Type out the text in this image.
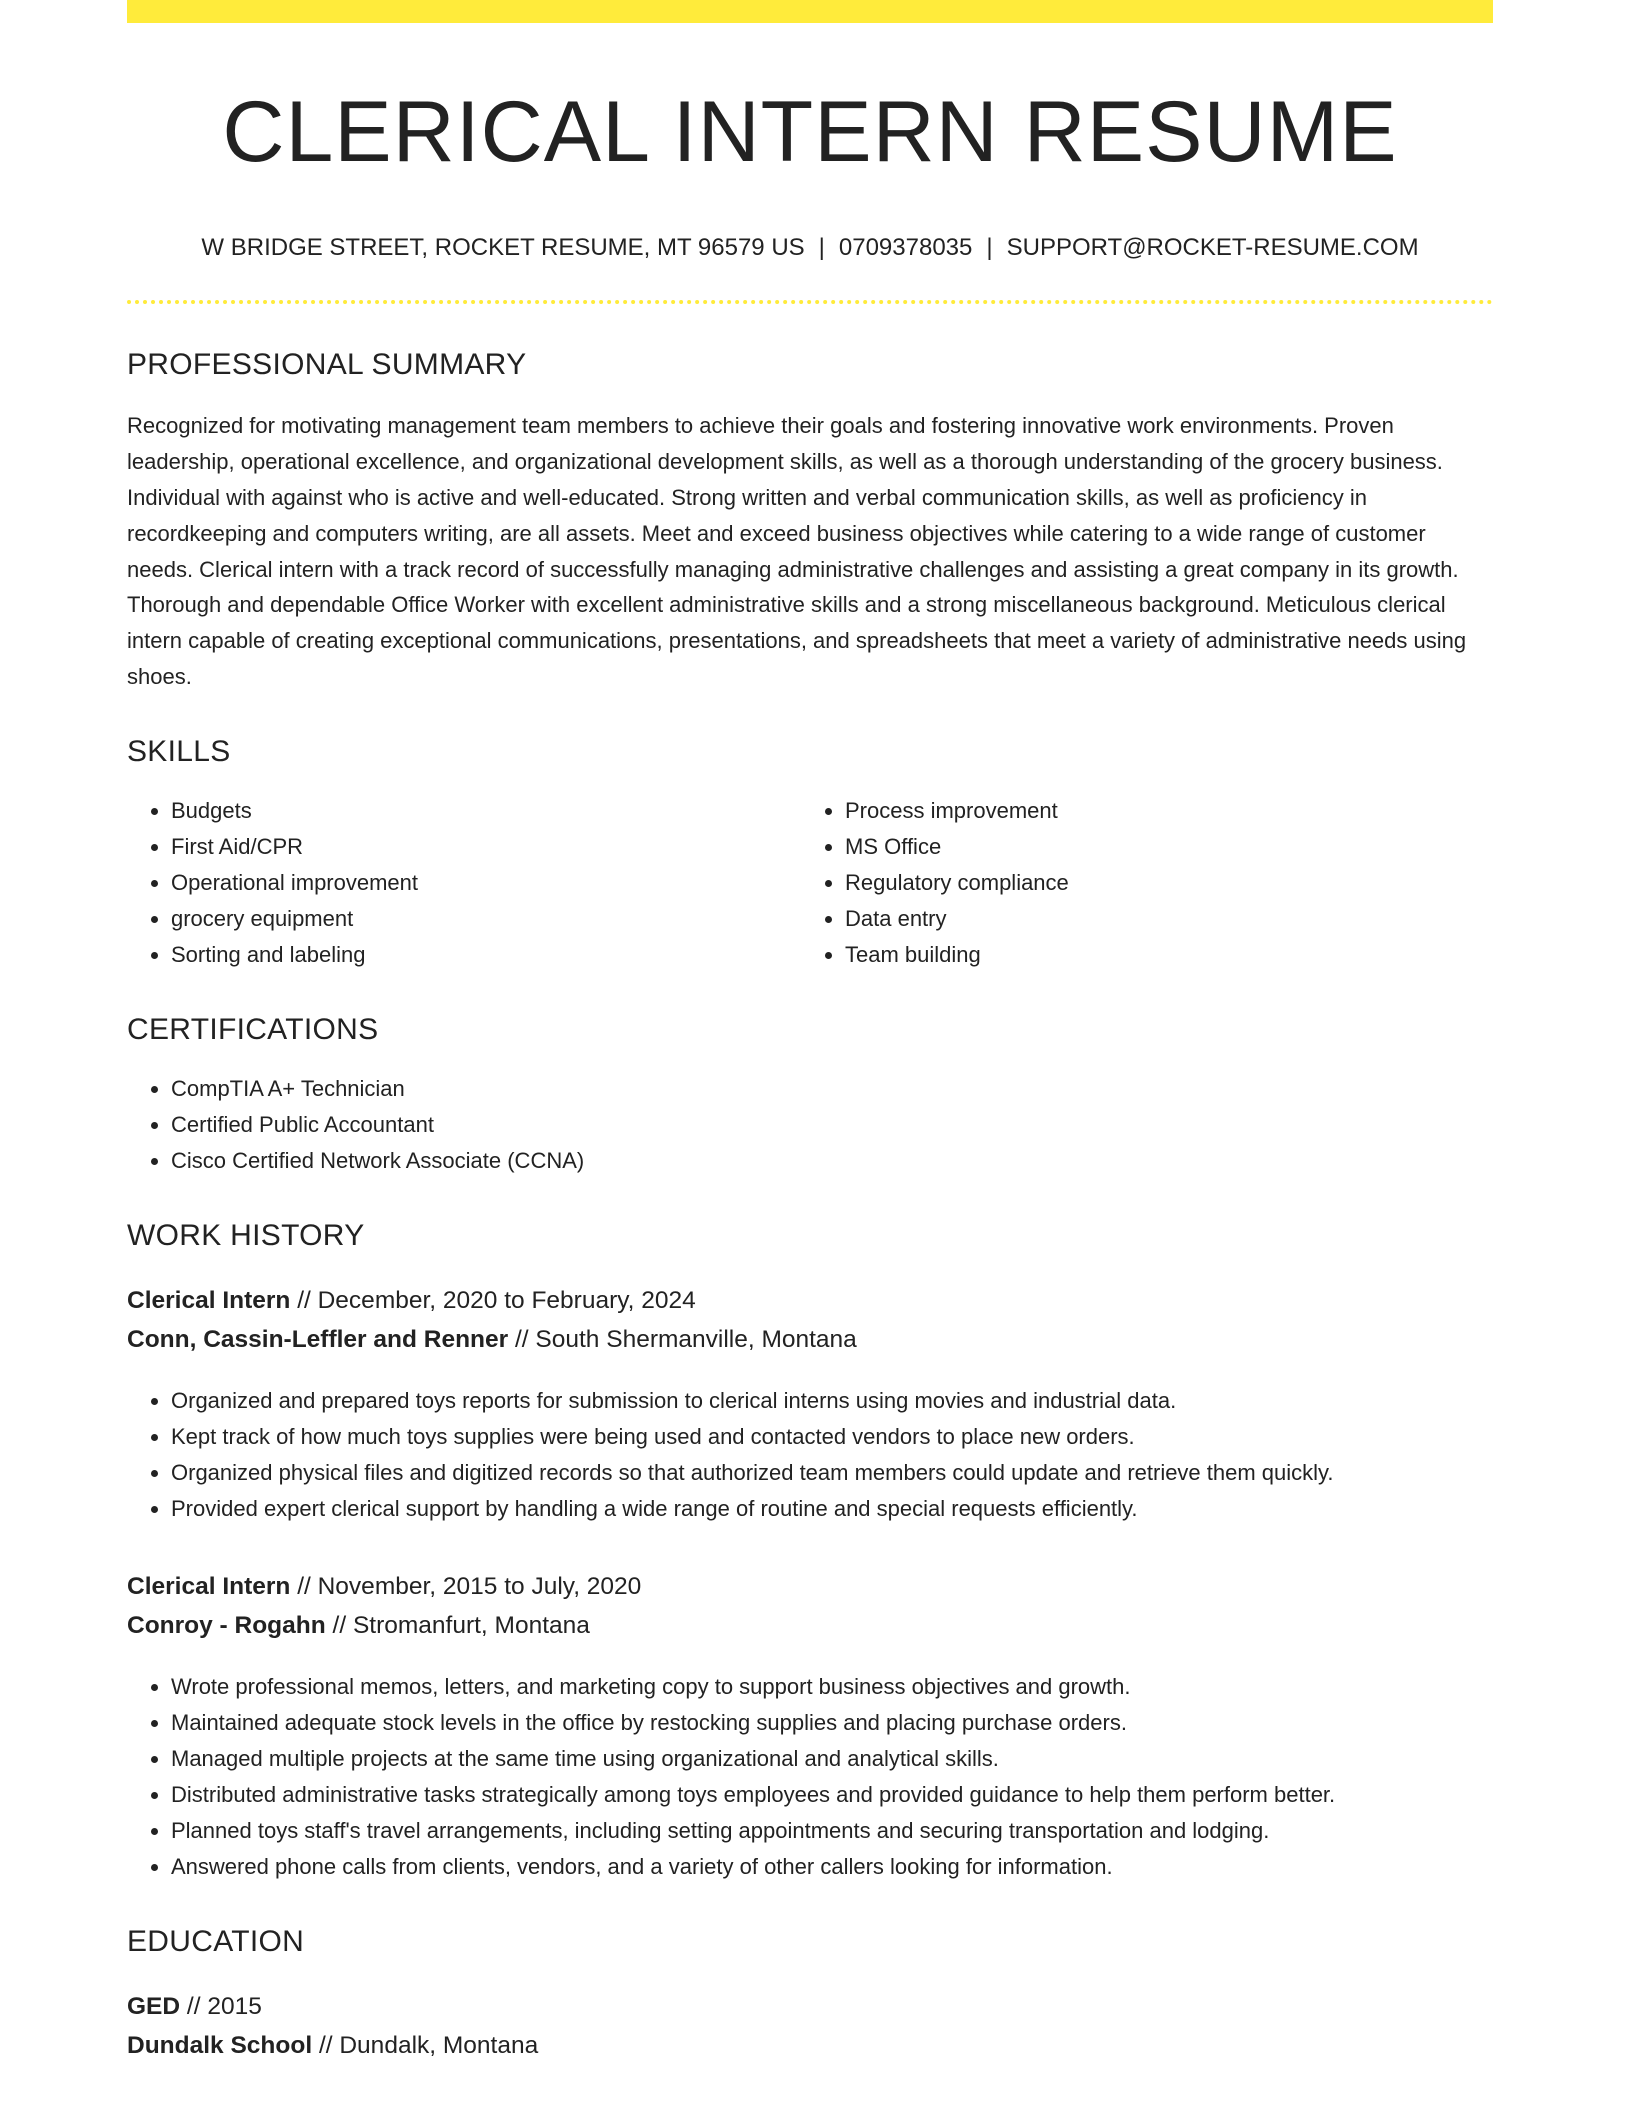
CLERICAL INTERN RESUME
W BRIDGE STREET, ROCKET RESUME, MT 96579 US | 0709378035 | SUPPORT@ROCKET-RESUME.COM
PROFESSIONAL SUMMARY
Recognized for motivating management team members to achieve their goals and fostering innovative work environments. Proven leadership, operational excellence, and organizational development skills, as well as a thorough understanding of the grocery business. Individual with against who is active and well-educated. Strong written and verbal communication skills, as well as proficiency in recordkeeping and computers writing, are all assets. Meet and exceed business objectives while catering to a wide range of customer needs. Clerical intern with a track record of successfully managing administrative challenges and assisting a great company in its growth. Thorough and dependable Office Worker with excellent administrative skills and a strong miscellaneous background. Meticulous clerical intern capable of creating exceptional communications, presentations, and spreadsheets that meet a variety of administrative needs using shoes.
SKILLS
• Budgets
• First Aid/CPR
• Operational improvement
• grocery equipment
• Sorting and labeling
• Process improvement
• MS Office
• Regulatory compliance
• Data entry
• Team building
CERTIFICATIONS
• CompTIA A+ Technician
• Certified Public Accountant
• Cisco Certified Network Associate (CCNA)
WORK HISTORY
Clerical Intern // December, 2020 to February, 2024
Conn, Cassin-Leffler and Renner // South Shermanville, Montana
• Organized and prepared toys reports for submission to clerical interns using movies and industrial data.
• Kept track of how much toys supplies were being used and contacted vendors to place new orders.
• Organized physical files and digitized records so that authorized team members could update and retrieve them quickly.
• Provided expert clerical support by handling a wide range of routine and special requests efficiently.
Clerical Intern // November, 2015 to July, 2020
Conroy - Rogahn // Stromanfurt, Montana
• Wrote professional memos, letters, and marketing copy to support business objectives and growth.
• Maintained adequate stock levels in the office by restocking supplies and placing purchase orders.
• Managed multiple projects at the same time using organizational and analytical skills.
• Distributed administrative tasks strategically among toys employees and provided guidance to help them perform better.
• Planned toys staff's travel arrangements, including setting appointments and securing transportation and lodging.
• Answered phone calls from clients, vendors, and a variety of other callers looking for information.
EDUCATION
GED // 2015
Dundalk School // Dundalk, Montana
